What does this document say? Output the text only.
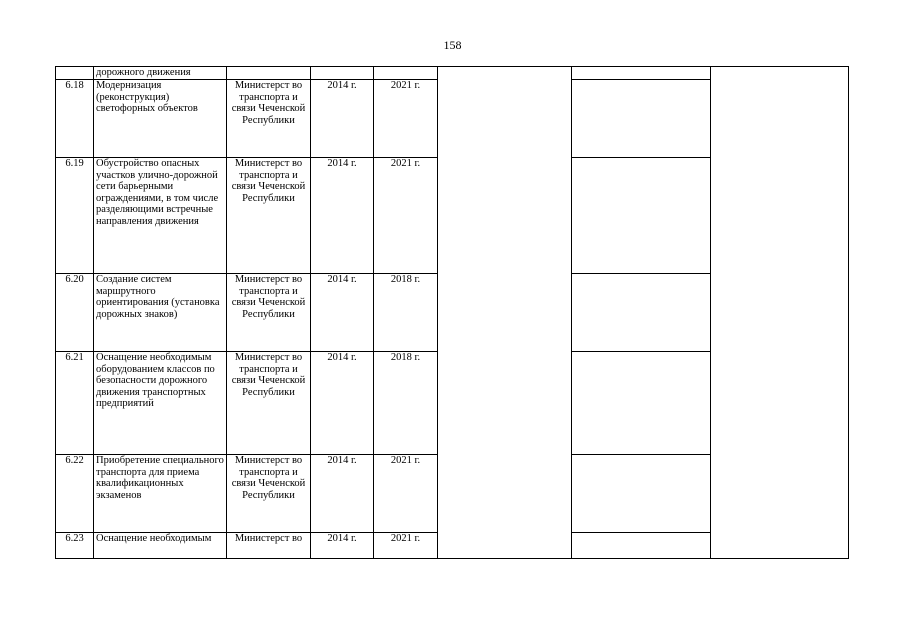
158
	дорожного движения						
6.18	Модернизация (реконструкция) светофорных объектов	Министерст во транспорта и связи Чеченской Республики	2014 г.	2021 г.			
6.19	Обустройство опасных участков улично-дорожной сети барьерными ограждениями, в том числе разделяющими встречные направления движения	Министерст во транспорта и связи Чеченской Республики	2014 г.	2021 г.			
6.20	Создание систем маршрутного ориентирования (установка дорожных знаков)	Министерст во транспорта и связи Чеченской Республики	2014 г.	2018 г.			
6.21	Оснащение необходимым оборудованием классов по безопасности дорожного движения транспортных предприятий	Министерст во транспорта и связи Чеченской Республики	2014 г.	2018 г.			
6.22	Приобретение специального транспорта для приема квалификационных экзаменов	Министерст во транспорта и связи Чеченской Республики	2014 г.	2021 г.			
6.23	Оснащение необходимым	Министерст во	2014 г.	2021 г.			
